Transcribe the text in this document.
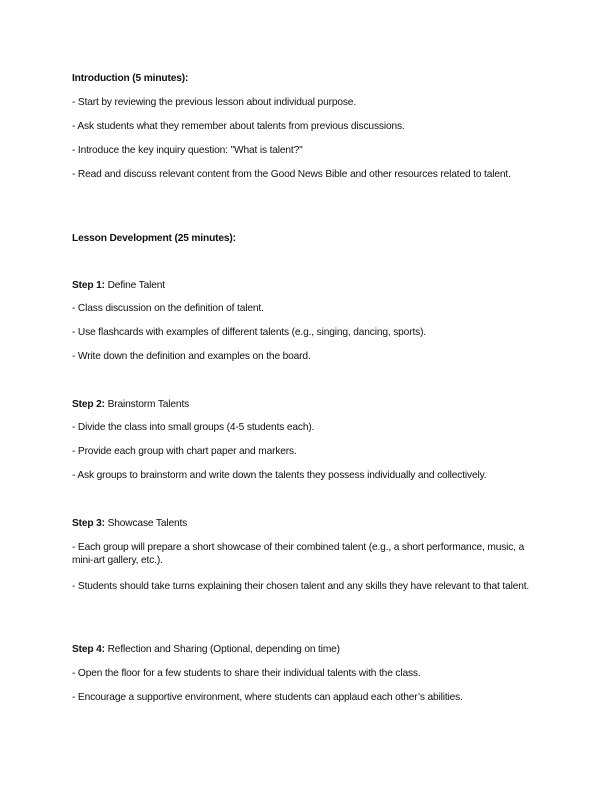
Introduction (5 minutes):
- Start by reviewing the previous lesson about individual purpose.
- Ask students what they remember about talents from previous discussions.
- Introduce the key inquiry question: "What is talent?"
- Read and discuss relevant content from the Good News Bible and other resources related to talent.
Lesson Development (25 minutes):
Step 1: Define Talent
- Class discussion on the definition of talent.
- Use flashcards with examples of different talents (e.g., singing, dancing, sports).
- Write down the definition and examples on the board.
Step 2: Brainstorm Talents
- Divide the class into small groups (4-5 students each).
- Provide each group with chart paper and markers.
- Ask groups to brainstorm and write down the talents they possess individually and collectively.
Step 3: Showcase Talents
- Each group will prepare a short showcase of their combined talent (e.g., a short performance, music, a mini-art gallery, etc.).
- Students should take turns explaining their chosen talent and any skills they have relevant to that talent.
Step 4: Reflection and Sharing (Optional, depending on time)
- Open the floor for a few students to share their individual talents with the class.
- Encourage a supportive environment, where students can applaud each other’s abilities.
